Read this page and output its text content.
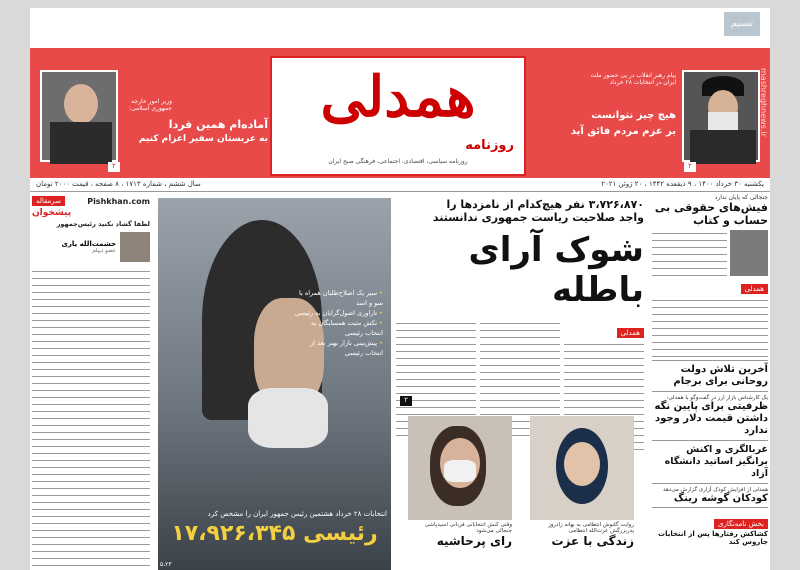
تسنیم
وزیر امور خارجه جمهوری اسلامی:
آماده‌ام همین فردا
به عربستان سفیر اعزام کنیم
همدلی
روزنامه
روزنامه سیاسی، اقتصادی، اجتماعی، فرهنگی صبح ایران
پیام رهبر انقلاب در پی حضور ملت ایران در انتخابات ۲۸ خرداد
هیچ چیز نتوانست
بر عزم مردم فائق آید
۲
۲
mashreghnews.ir
سال ششم ، شماره ۱۷۱۳ ، ۸ صفحه ، قیمت ۲۰۰۰ تومان	یکشنبه ۳۰ خرداد ۱۴۰۰ ، ۹ ذیقعده ۱۴۴۲ ، ۲۰ ژوئن ۲۰۲۱
Pishkhan.com
سرمقاله
پیشخوان
لطفا گشاد نکنید رئیس‌جمهور
حشمت‌الله یاری
عضو دیپلم
• سیر یک اصلاح‌طلبان همراه با سو و اسد
• تاراوری اصول‌گرایان به رئیسی
• تکش مثبت همسایگان به انتخاب رئیسی
• پیش‌بینی بازار بهتر بعد از انتخاب رئیسی
انتخابات ۲۸ خرداد هشتمین رئیس جمهور ایران را مشخص کرد
رئیسی ۱۷،۹۲۶،۳۴۵
۵،۲۳
۳،۷۲۶،۸۷۰ نفر هیچ‌کدام از نامزدها را
واجد صلاحیت ریاست جمهوری ندانستند
شوک آرای باطله
همدلی
۲
روایت گلنوش انتظامی به بهانه زادروز پدربزرگش عزت‌الله انتظامی
زندگی با عزت
وقتی کنش انتخاباتی قربانی اسیدپاشی جنجالی می‌شود
رای پرحاشیه
جنجالی که پایان ندارد
فیش‌های حقوقی بی حساب و کتاب
همدلی
آخرین تلاش دولت روحانی برای برجام
یک کارشناس بازار ارز در گفت‌وگو با همدلی:
ظرفیتی برای پایین نگه داشتن قیمت دلار وجود ندارد
غربالگری و اکنش برانگیز اساتید دانشگاه آزاد
همدلی از افزایش کودک آزاری گزارش می‌دهد
کودکان گوشه رینگ
بخش نامه‌نگاری
کشاکش رفتارها پس از انتخابات جاروس کند
